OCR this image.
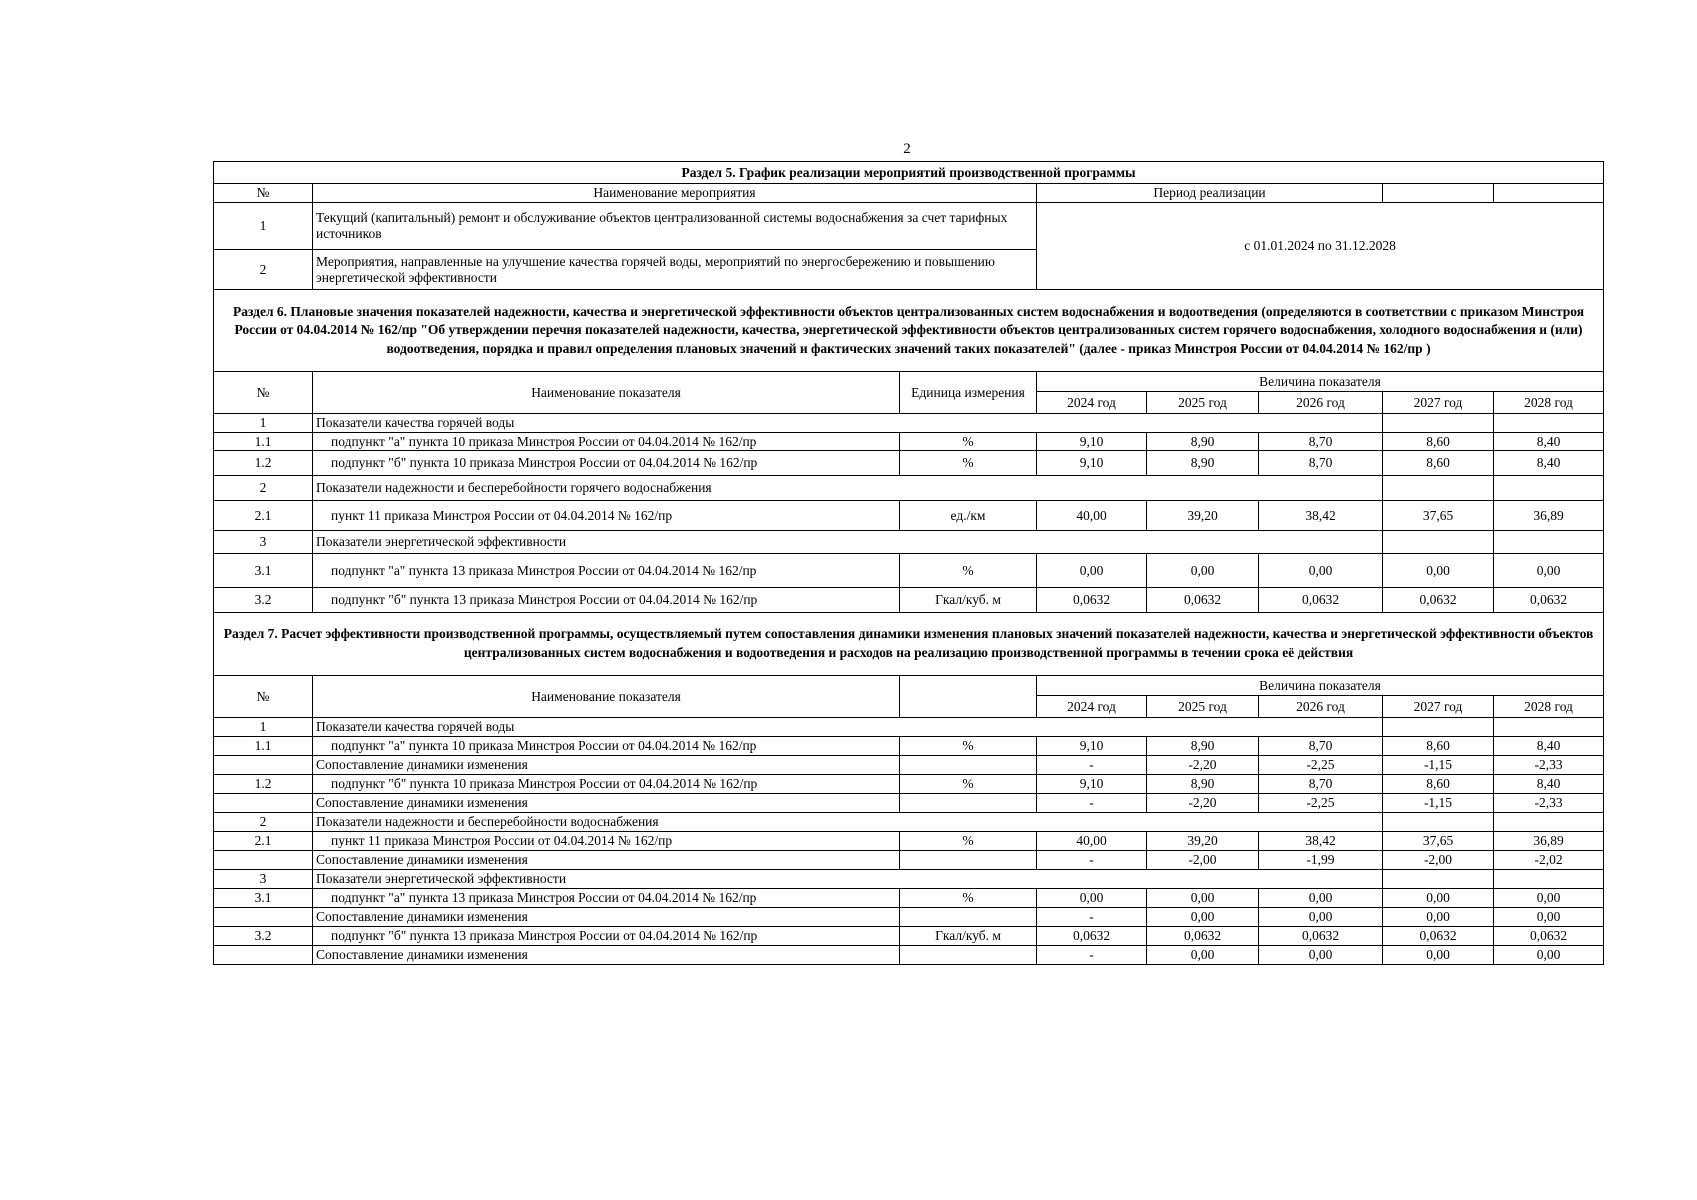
2
Раздел 5. График реализации мероприятий производственной программы							
№	Наименование мероприятия		Период реализации				
1	Текущий (капитальный) ремонт и обслуживание объектов централизованной системы водоснабжения за счет тарифных источников		с 01.01.2024 по 31.12.2028				
2	Мероприятия, направленные на улучшение качества горячей воды, мероприятий по энергосбережению и повышению энергетической эффективности						
Раздел 6. Плановые значения показателей надежности, качества и энергетической эффективности объектов централизованных систем водоснабжения и водоотведения (определяются в соответствии с приказом Минстроя России от 04.04.2014 № 162/пр "Об утверждении перечня показателей надежности, качества, энергетической эффективности объектов централизованных систем горячего водоснабжения, холодного водоснабжения и (или) водоотведения, порядка и правил определения плановых значений и фактических значений таких показателей" (далее - приказ Минстроя России от 04.04.2014 № 162/пр )							
№	Наименование показателя	Единица измерения	Величина показателя				
			2024 год	2025 год	2026 год	2027 год	2028 год
1	Показатели качества горячей воды						
1.1	подпункт "а" пункта 10 приказа Минстроя России от 04.04.2014 № 162/пр	%	9,10	8,90	8,70	8,60	8,40
1.2	подпункт "б" пункта 10 приказа Минстроя России от 04.04.2014 № 162/пр	%	9,10	8,90	8,70	8,60	8,40
2	Показатели надежности и бесперебойности горячего водоснабжения						
2.1	пункт 11 приказа Минстроя России от 04.04.2014 № 162/пр	ед./км	40,00	39,20	38,42	37,65	36,89
3	Показатели энергетической эффективности						
3.1	подпункт "а" пункта 13 приказа Минстроя России от 04.04.2014 № 162/пр	%	0,00	0,00	0,00	0,00	0,00
3.2	подпункт "б" пункта 13 приказа Минстроя России от 04.04.2014 № 162/пр	Гкал/куб. м	0,0632	0,0632	0,0632	0,0632	0,0632
Раздел 7. Расчет эффективности производственной программы, осуществляемый путем сопоставления динамики изменения плановых значений показателей надежности, качества и энергетической эффективности объектов централизованных систем водоснабжения и водоотведения и расходов на реализацию производственной программы в течении срока её действия							
№	Наименование показателя		Величина показателя				
			2024 год	2025 год	2026 год	2027 год	2028 год
1	Показатели качества горячей воды						
1.1	подпункт "а" пункта 10 приказа Минстроя России от 04.04.2014 № 162/пр	%	9,10	8,90	8,70	8,60	8,40
	Сопоставление динамики изменения		-	-2,20	-2,25	-1,15	-2,33
1.2	подпункт "б" пункта 10 приказа Минстроя России от 04.04.2014 № 162/пр	%	9,10	8,90	8,70	8,60	8,40
	Сопоставление динамики изменения		-	-2,20	-2,25	-1,15	-2,33
2	Показатели надежности и бесперебойности водоснабжения						
2.1	пункт 11 приказа Минстроя России от 04.04.2014 № 162/пр	%	40,00	39,20	38,42	37,65	36,89
	Сопоставление динамики изменения		-	-2,00	-1,99	-2,00	-2,02
3	Показатели энергетической эффективности						
3.1	подпункт "а" пункта 13 приказа Минстроя России от 04.04.2014 № 162/пр	%	0,00	0,00	0,00	0,00	0,00
	Сопоставление динамики изменения		-	0,00	0,00	0,00	0,00
3.2	подпункт "б" пункта 13 приказа Минстроя России от 04.04.2014 № 162/пр	Гкал/куб. м	0,0632	0,0632	0,0632	0,0632	0,0632
	Сопоставление динамики изменения		-	0,00	0,00	0,00	0,00
